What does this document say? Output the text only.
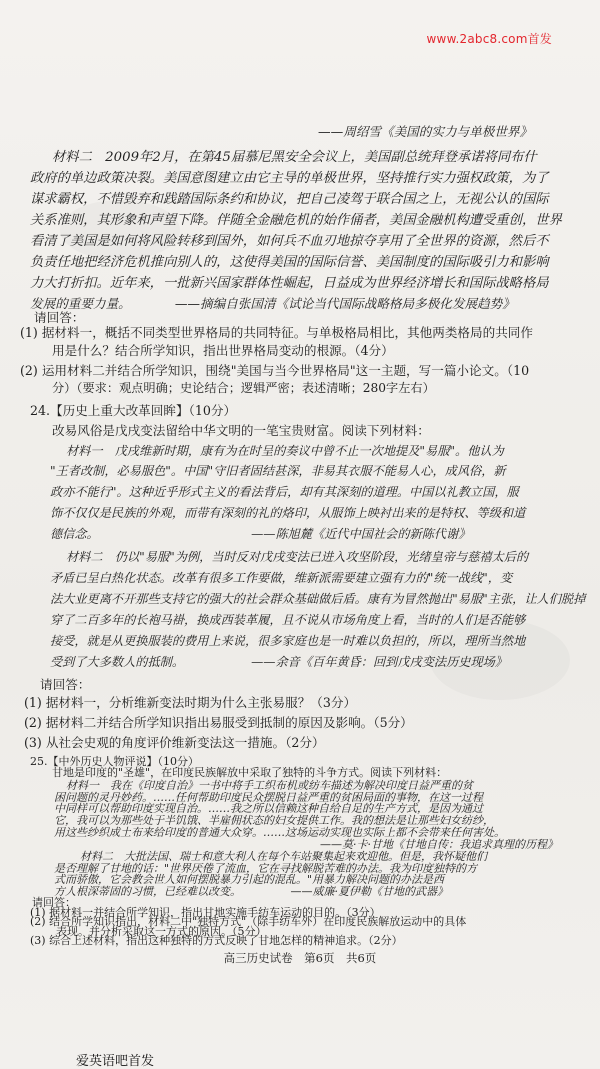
www.2abc8.com首发
——周绍雪《美国的实力与单极世界》
材料二　2009年2月，在第45届慕尼黑安全会议上，美国副总统拜登承诺将同布什
政府的单边政策决裂。美国意图建立由它主导的单极世界，坚持推行实力强权政策，为了
谋求霸权，不惜毁弃和践踏国际条约和协议，把自己凌驾于联合国之上，无视公认的国际
关系准则，其形象和声望下降。伴随全金融危机的始作俑者，美国金融机构遭受重创，世界
看清了美国是如何将风险转移到国外，如何兵不血刃地掠夺享用了全世界的资源，然后不
负责任地把经济危机推向别人的，这使得美国的国际信誉、美国制度的国际吸引力和影响
力大打折扣。近年来，一批新兴国家群体性崛起，日益成为世界经济增长和国际战略格局
发展的重要力量。　　　　——摘编自张国清《试论当代国际战略格局多极化发展趋势》
请回答：
(1) 据材料一，概括不同类型世界格局的共同特征。与单极格局相比，其他两类格局的共同作
用是什么？结合所学知识，指出世界格局变动的根源。（4分）
(2) 运用材料二并结合所学知识，围绕"美国与当今世界格局"这一主题，写一篇小论文。（10
分）（要求：观点明确；史论结合；逻辑严密；表述清晰；280字左右）
24.【历史上重大改革回眸】（10分）
改易风俗是戊戌变法留给中华文明的一笔宝贵财富。阅读下列材料：
材料一　戊戌维新时期，康有为在时呈的奏议中曾不止一次地提及"易服"。他认为
"王者改制，必易服色"。中国"守旧者固结甚深，非易其衣服不能易人心，成风俗，新
政亦不能行"。这种近乎形式主义的看法背后，却有其深刻的道理。中国以礼教立国，服
饰不仅仅是民族的外观，而带有深刻的礼的烙印，从服饰上映衬出来的是特权、等级和道
德信念。　　　　　　　　　　　　　——陈旭麓《近代中国社会的新陈代谢》
材料二　仍以"易服"为例，当时反对戊戌变法已进入攻坚阶段，光绪皇帝与慈禧太后的
矛盾已呈白热化状态。改革有很多工作要做，维新派需要建立强有力的"统一战线"，变
法大业更离不开那些支持它的强大的社会群众基础做后盾。康有为冒然抛出"易服"主张，让人们脱掉
穿了二百多年的长袍马褂，换成西装革履，且不说从市场角度上看，当时的人们是否能够
接受，就是从更换服装的费用上来说，很多家庭也是一时难以负担的，所以，理所当然地
受到了大多数人的抵制。　　　　　　——余音《百年黄昏：回到戊戌变法历史现场》
请回答：
(1) 据材料一，分析维新变法时期为什么主张易服？（3分）
(2) 据材料二并结合所学知识指出易服受到抵制的原因及影响。（5分）
(3) 从社会史观的角度评价维新变法这一措施。（2分）
25.【中外历史人物评说】（10分）
甘地是印度的"圣雄"，在印度民族解放中采取了独特的斗争方式。阅读下列材料：
材料一　我在《印度自治》一书中将手工织布机或纺车描述为解决印度日益严重的贫
困问题的灵丹妙药。……任何帮助印度民众摆脱日益严重的贫困局面的事物，在这一过程
中同样可以帮助印度实现自治。……我之所以信赖这种自给自足的生产方式，是因为通过
它，我可以为那些处于半饥饿、半雇佣状态的妇女提供工作。我的想法是让那些妇女纺纱，
用这些纱织成土布来给印度的普通大众穿。……这场运动实现也实际上都不会带来任何害处。
——莫·卡·甘地《甘地自传：我追求真理的历程》
材料二　大批法国、瑞士和意大利人在每个车站聚集起来欢迎他。但是，我怀疑他们
是否理解了甘地的话："世界厌倦了流血，它在寻找解脱苦难的办法。我为印度独特的方
式而骄傲，它会教会世人如何摆脱暴力引起的混乱。"用暴力解决问题的办法是西
方人根深蒂固的习惯，已经难以改变。　　　　　——威廉·夏伊勒《甘地的武器》
请回答：
(1) 据材料一并结合所学知识，指出甘地实施手纺车运动的目的。（3分）
(2) 结合所学知识指出，材料二中"独特方式"（除手纺车外）在印度民族解放运动中的具体
表现。并分析采取这一方式的原因。（5分）
(3) 综合上述材料，指出这种独特的方式反映了甘地怎样的精神追求。（2分）
高三历史试卷　第6页　共6页
爱英语吧首发
